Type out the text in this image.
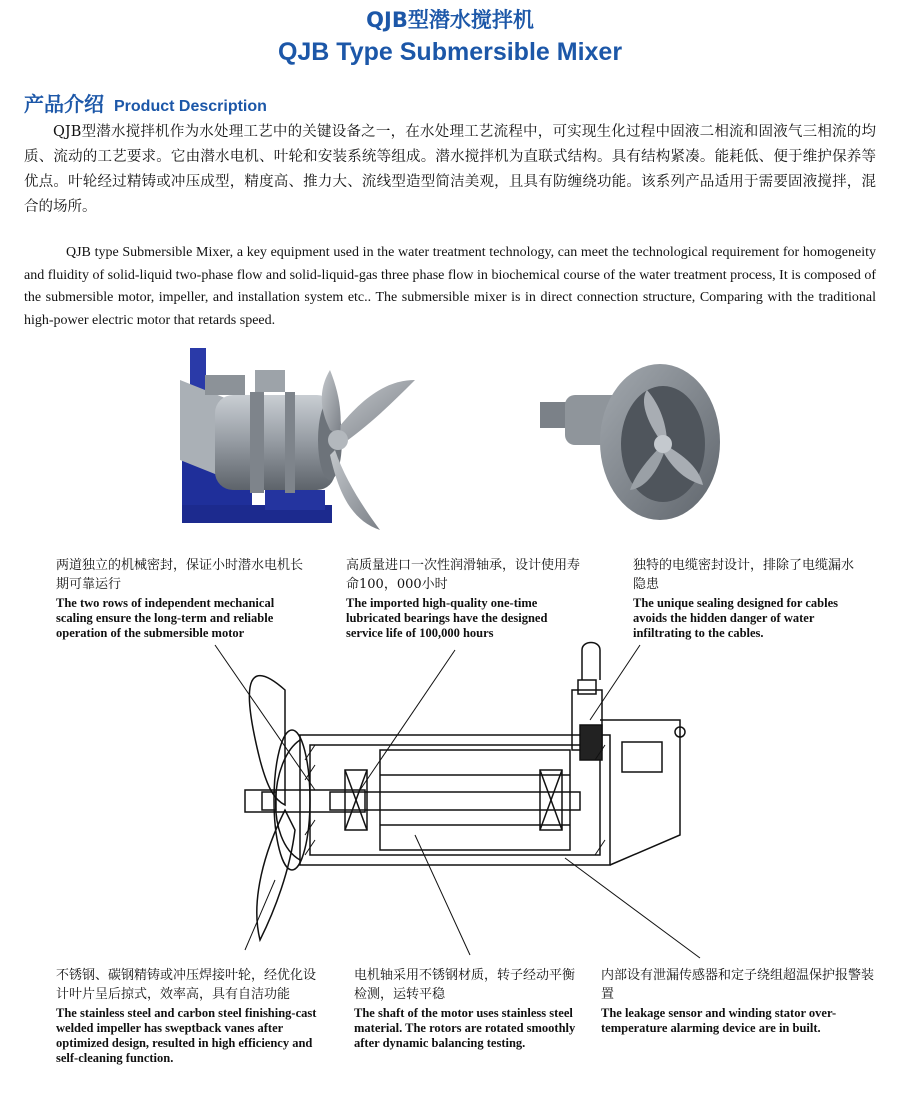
QJB型潜水搅拌机
QJB Type Submersible Mixer
产品介绍 Product Description
QJB型潜水搅拌机作为水处理工艺中的关键设备之一，在水处理工艺流程中，可实现生化过程中固液二相流和固液气三相流的均质、流动的工艺要求。它由潜水电机、叶轮和安装系统等组成。潜水搅拌机为直联式结构。具有结构紧凑。能耗低、便于维护保养等优点。叶轮经过精铸或冲压成型，精度高、推力大、流线型造型简洁美观，且具有防缠绕功能。该系列产品适用于需要固液搅拌，混合的场所。
QJB type Submersible Mixer, a key equipment used in the water treatment technology, can meet the technological requirement for homogeneity and fluidity of solid-liquid two-phase flow and solid-liquid-gas three phase flow in biochemical course of the water treatment process, It is composed of the submersible motor, impeller, and installation system etc.. The submersible mixer is in direct connection structure, Comparing with the traditional high-power electric motor that retards speed.
两道独立的机械密封，保证小时潜水电机长期可靠运行
The two rows of independent mechanical scaling ensure the long-term and reliable operation of the submersible motor
高质量进口一次性润滑轴承，设计使用寿命100，000小时
The imported high-quality one-time lubricated bearings have the designed service life of 100,000 hours
独特的电缆密封设计，排除了电缆漏水隐患
The unique sealing designed for cables avoids the hidden danger of water infiltrating to the cables.
不锈钢、碳钢精铸或冲压焊接叶轮，经优化设计叶片呈后掠式，效率高，具有自洁功能
The stainless steel and carbon steel finishing-cast welded impeller has sweptback vanes after optimized design, resulted in high efficiency and self-cleaning function.
电机轴采用不锈钢材质，转子经动平衡检测，运转平稳
The shaft of the motor uses stainless steel material. The rotors are rotated smoothly after dynamic balancing testing.
内部设有泄漏传感器和定子绕组超温保护报警装置
The leakage sensor and winding stator over-temperature alarming device are in built.
